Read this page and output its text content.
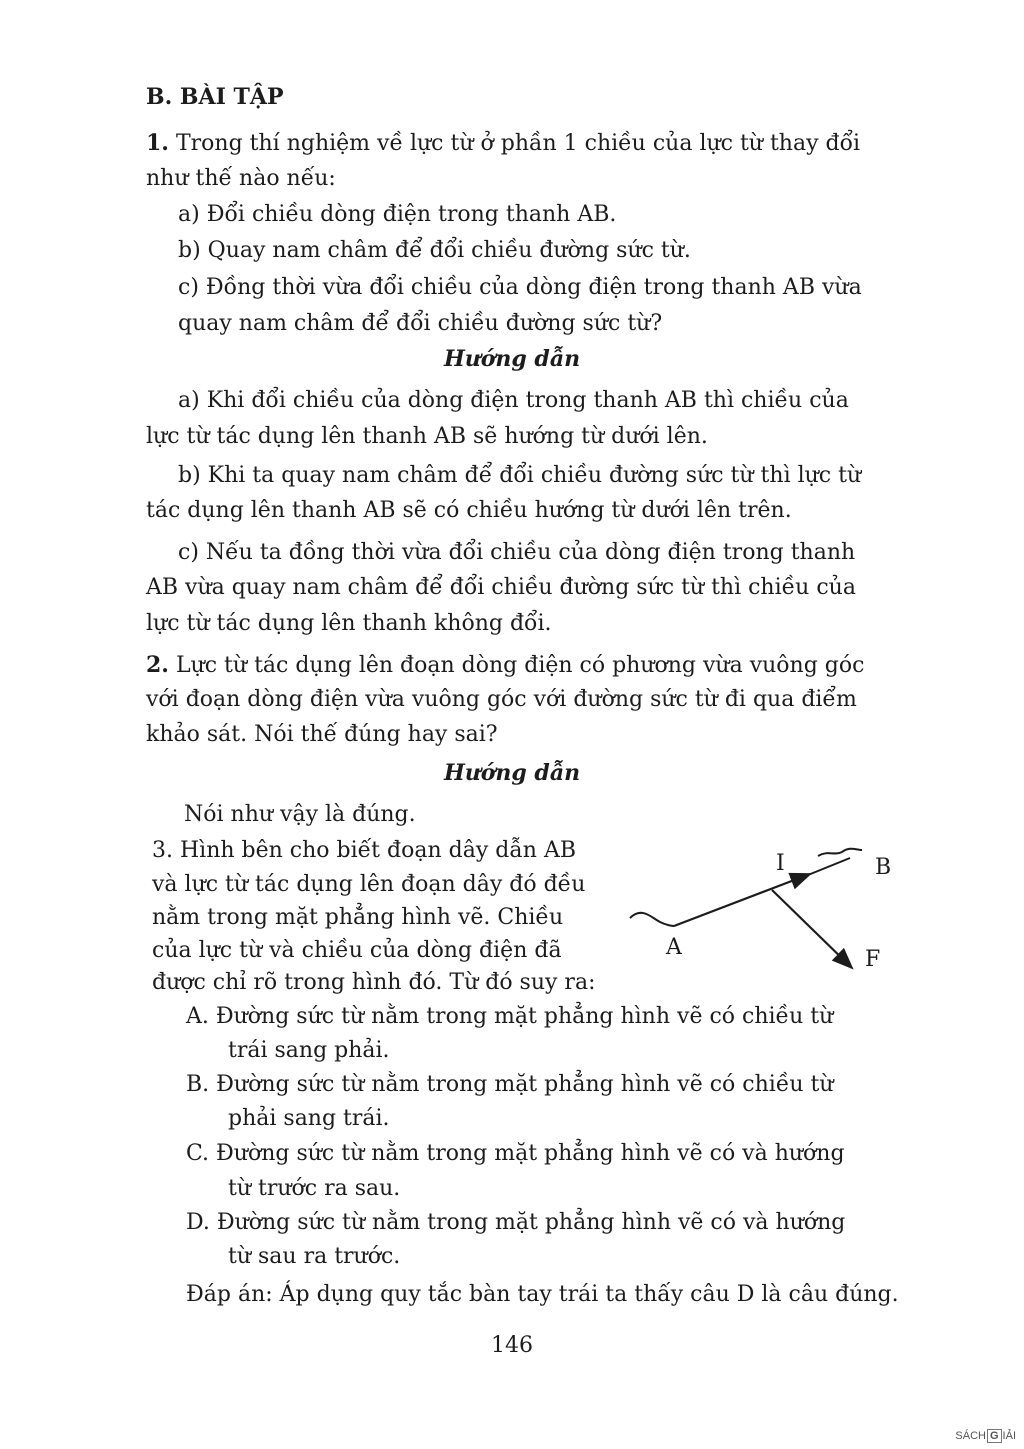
B. BÀI TẬP
1. Trong thí nghiệm về lực từ ở phần 1 chiều của lực từ thay đổi
như thế nào nếu:
a) Đổi chiều dòng điện trong thanh AB.
b) Quay nam châm để đổi chiều đường sức từ.
c) Đồng thời vừa đổi chiều của dòng điện trong thanh AB vừa
quay nam châm để đổi chiều đường sức từ?
Hướng dẫn
a) Khi đổi chiều của dòng điện trong thanh AB thì chiều của
lực từ tác dụng lên thanh AB sẽ hướng từ dưới lên.
b) Khi ta quay nam châm để đổi chiều đường sức từ thì lực từ
tác dụng lên thanh AB sẽ có chiều hướng từ dưới lên trên.
c) Nếu ta đồng thời vừa đổi chiều của dòng điện trong thanh
AB vừa quay nam châm để đổi chiều đường sức từ thì chiều của
lực từ tác dụng lên thanh không đổi.
2. Lực từ tác dụng lên đoạn dòng điện có phương vừa vuông góc
với đoạn dòng điện vừa vuông góc với đường sức từ đi qua điểm
khảo sát. Nói thế đúng hay sai?
Hướng dẫn
Nói như vậy là đúng.
3. Hình bên cho biết đoạn dây dẫn AB
và lực từ tác dụng lên đoạn dây đó đều
nằm trong mặt phẳng hình vẽ. Chiều
của lực từ và chiều của dòng điện đã
được chỉ rõ trong hình đó. Từ đó suy ra:
I	B
A	F
A. Đường sức từ nằm trong mặt phẳng hình vẽ có chiều từ
trái sang phải.
B. Đường sức từ nằm trong mặt phẳng hình vẽ có chiều từ
phải sang trái.
C. Đường sức từ nằm trong mặt phẳng hình vẽ có và hướng
từ trước ra sau.
D. Đường sức từ nằm trong mặt phẳng hình vẽ có và hướng
từ sau ra trước.
Đáp án: Áp dụng quy tắc bàn tay trái ta thấy câu D là câu đúng.
146
SÁCH G IẢI
